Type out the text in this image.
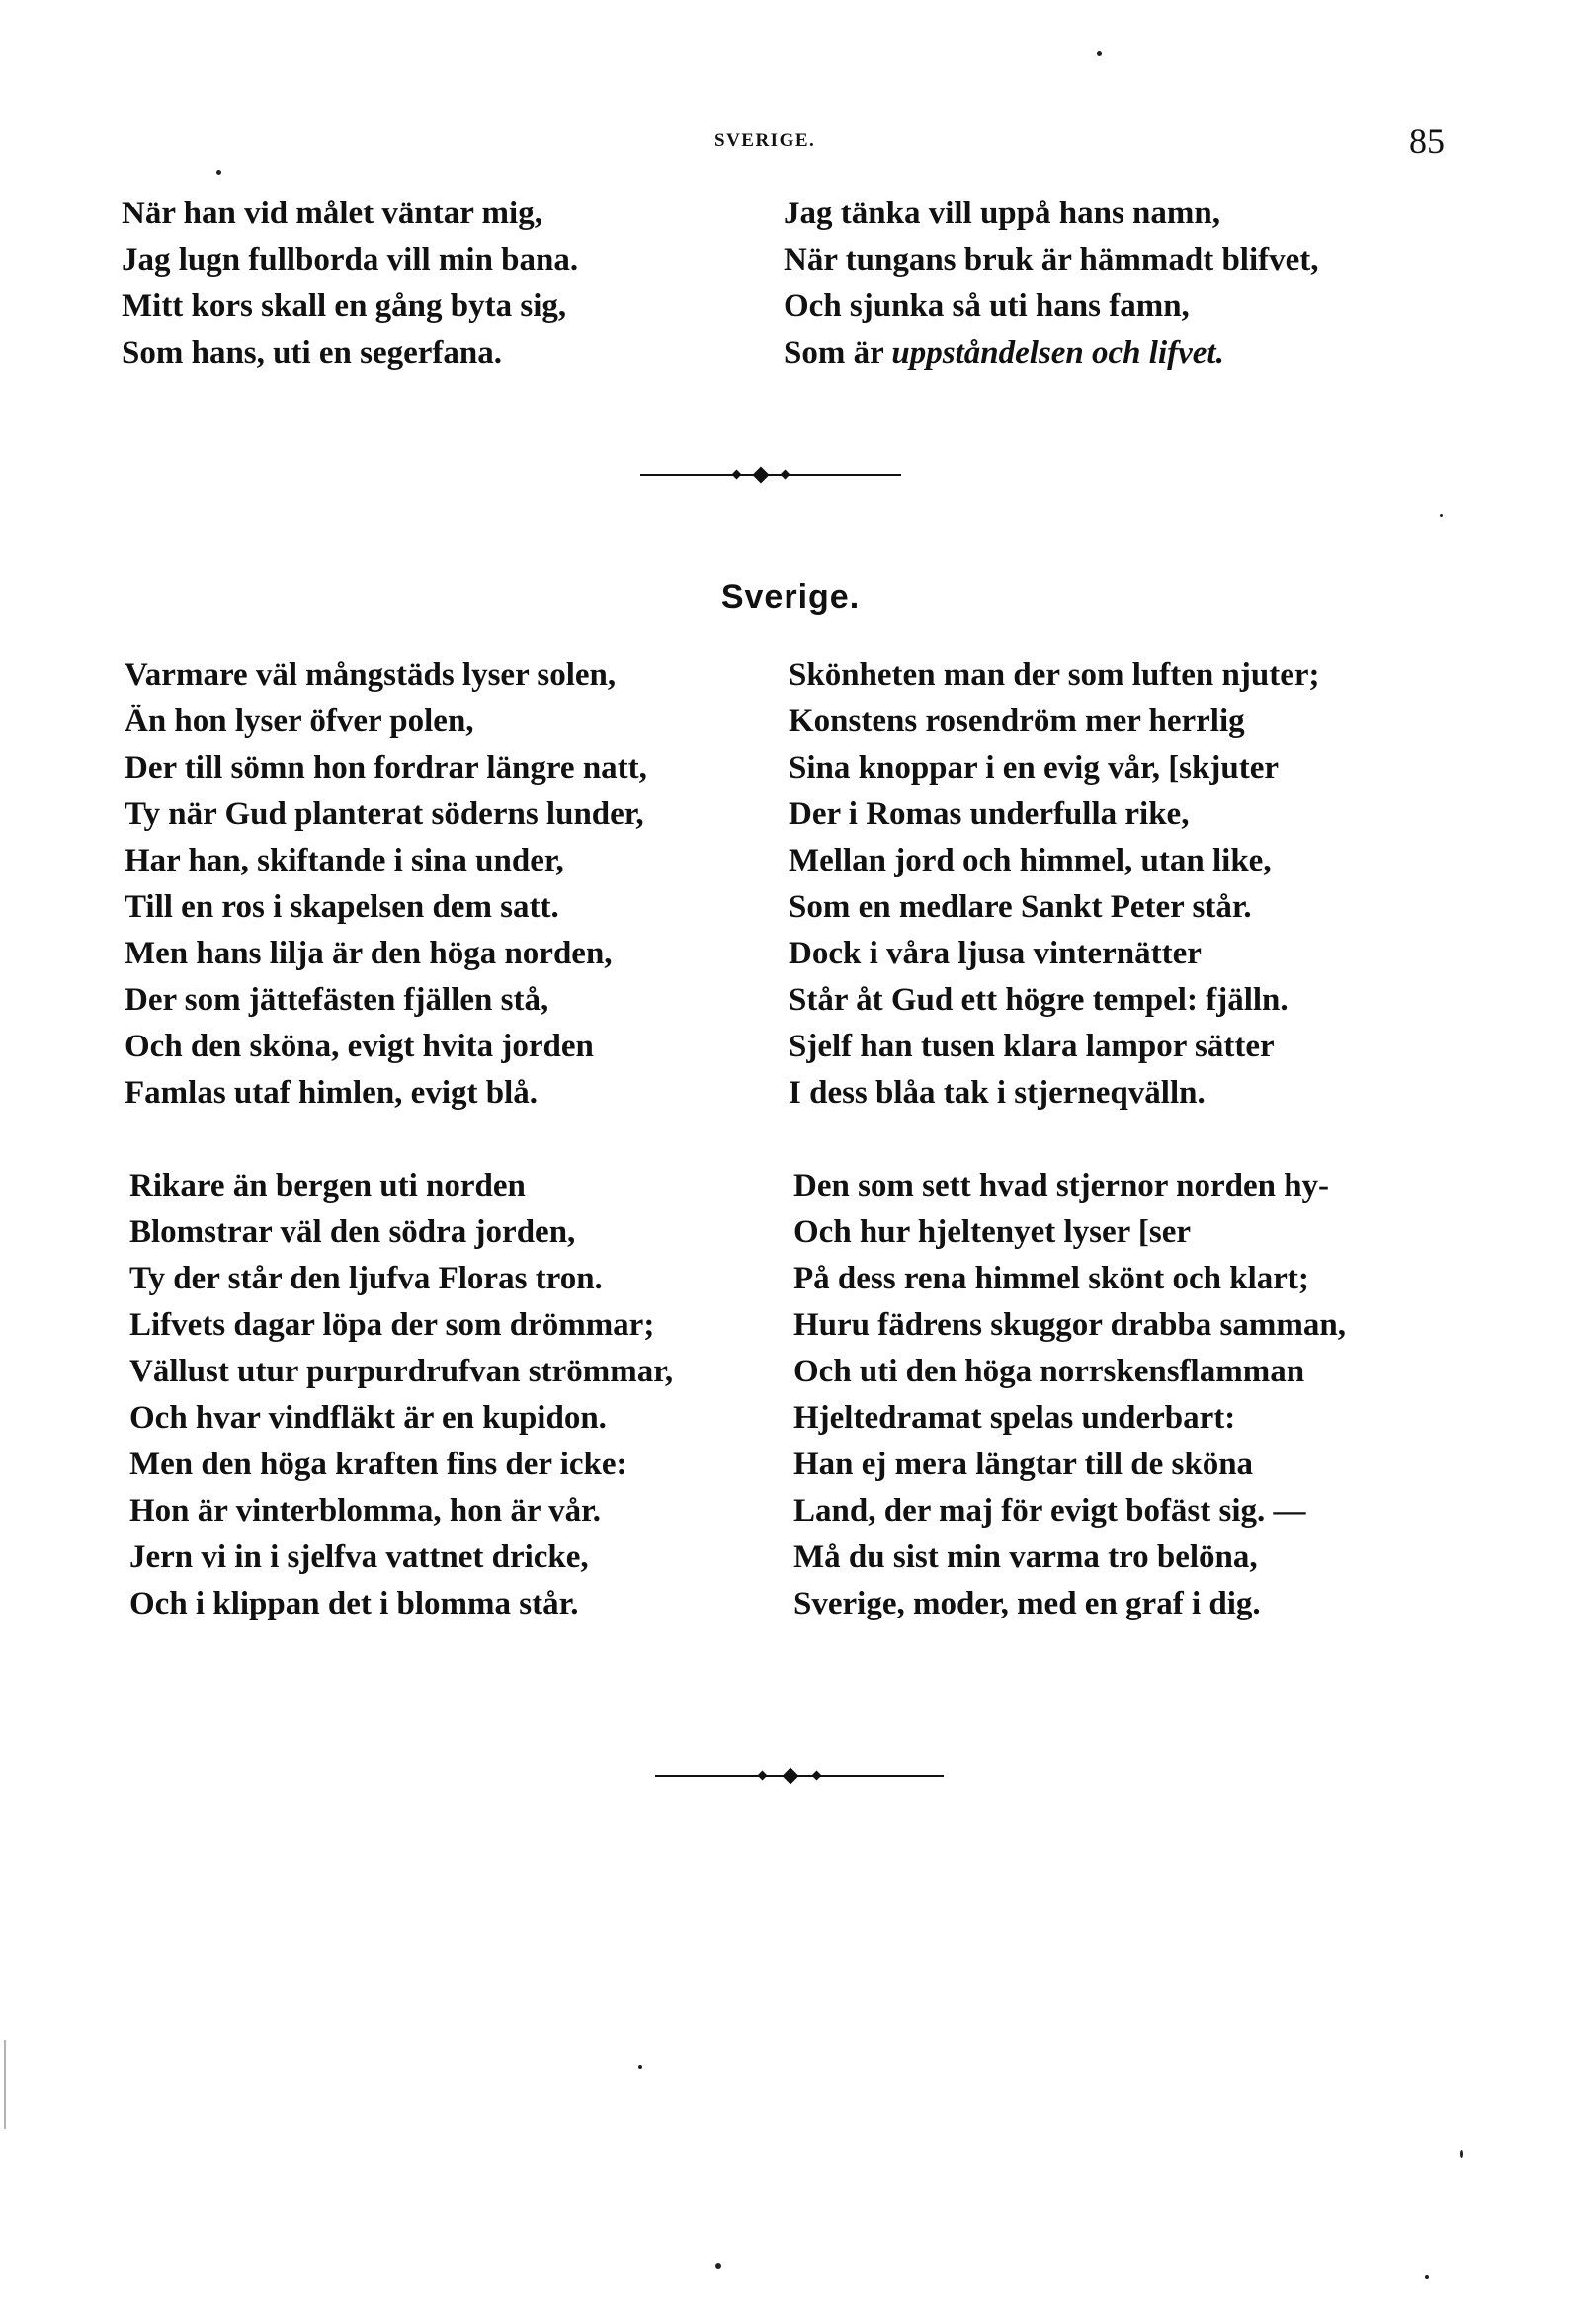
SVERIGE.	85
När han vid målet väntar mig,
Jag lugn fullborda vill min bana.
Mitt kors skall en gång byta sig,
Som hans, uti en segerfana.
Jag tänka vill uppå hans namn,
När tungans bruk är hämmadt blifvet,
Och sjunka så uti hans famn,
Som är uppståndelsen och lifvet.
Sverige.
Varmare väl mångstäds lyser solen,
Än hon lyser öfver polen,
Der till sömn hon fordrar längre natt,
Ty när Gud planterat söderns lunder,
Har han, skiftande i sina under,
Till en ros i skapelsen dem satt.
Men hans lilja är den höga norden,
Der som jättefästen fjällen stå,
Och den sköna, evigt hvita jorden
Famlas utaf himlen, evigt blå.
Skönheten man der som luften njuter;
Konstens rosendröm mer herrlig
Sina knoppar i en evig vår, [skjuter
Der i Romas underfulla rike,
Mellan jord och himmel, utan like,
Som en medlare Sankt Peter står.
Dock i våra ljusa vinternätter
Står åt Gud ett högre tempel: fjälln.
Sjelf han tusen klara lampor sätter
I dess blåa tak i stjerneqvälln.
Rikare än bergen uti norden
Blomstrar väl den södra jorden,
Ty der står den ljufva Floras tron.
Lifvets dagar löpa der som drömmar;
Vällust utur purpurdrufvan strömmar,
Och hvar vindfläkt är en kupidon.
Men den höga kraften fins der icke:
Hon är vinterblomma, hon är vår.
Jern vi in i sjelfva vattnet dricke,
Och i klippan det i blomma står.
Den som sett hvad stjernor norden hy-
Och hur hjeltenyet lyser [ser
På dess rena himmel skönt och klart;
Huru fädrens skuggor drabba samman,
Och uti den höga norrskensflamman
Hjeltedramat spelas underbart:
Han ej mera längtar till de sköna
Land, der maj för evigt bofäst sig. —
Må du sist min varma tro belöna,
Sverige, moder, med en graf i dig.
